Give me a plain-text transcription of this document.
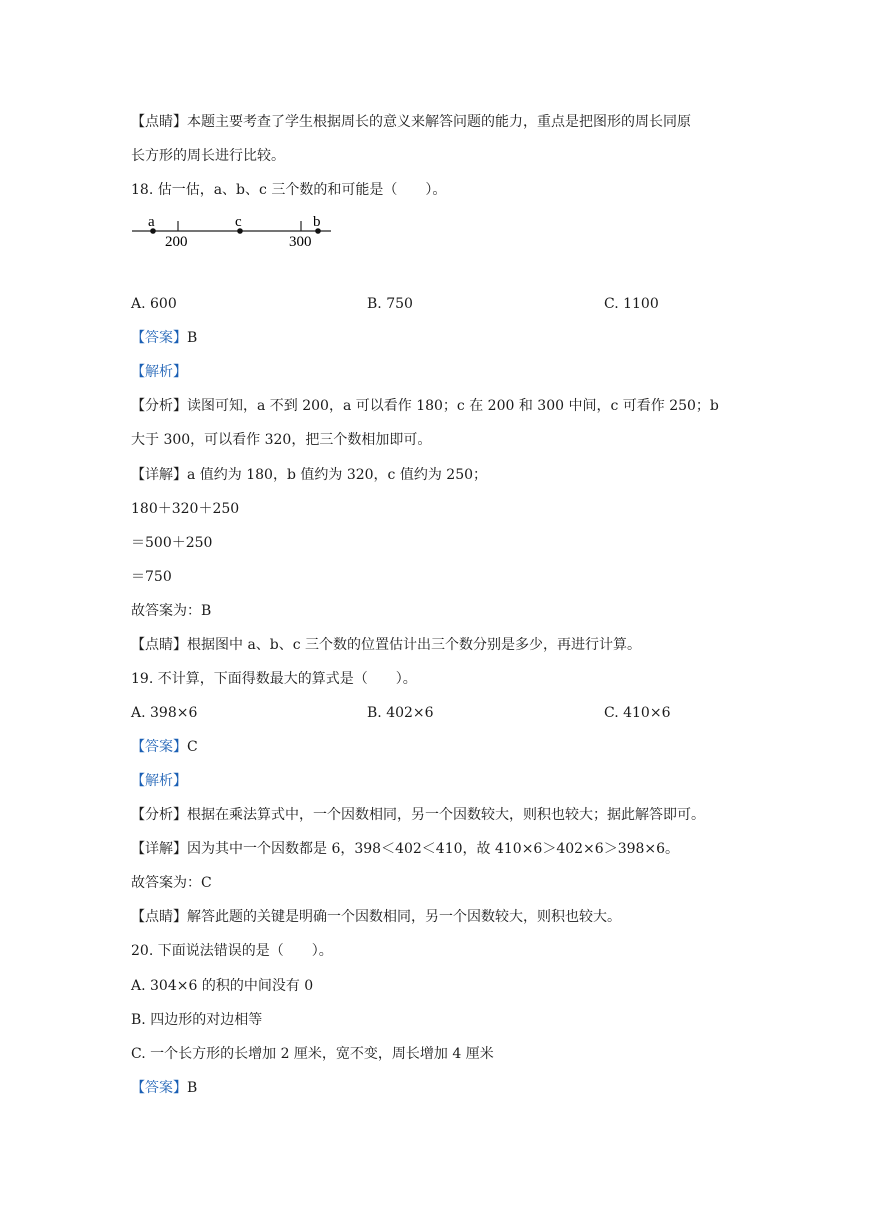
【点睛】本题主要考查了学生根据周长的意义来解答问题的能力，重点是把图形的周长同原
长方形的周长进行比较。
18. 估一估，a、b、c 三个数的和可能是（　　）。
a	c	b
200	300
A. 600	B. 750	C. 1100
【答案】B
【解析】
【分析】读图可知，a 不到 200，a 可以看作 180；c 在 200 和 300 中间，c 可看作 250；b
大于 300，可以看作 320，把三个数相加即可。
【详解】a 值约为 180，b 值约为 320，c 值约为 250；
180＋320＋250
＝500＋250
＝750
故答案为：B
【点睛】根据图中 a、b、c 三个数的位置估计出三个数分别是多少，再进行计算。
19. 不计算，下面得数最大的算式是（　　）。
A. 398×6	B. 402×6	C. 410×6
【答案】C
【解析】
【分析】根据在乘法算式中，一个因数相同，另一个因数较大，则积也较大；据此解答即可。
【详解】因为其中一个因数都是 6，398＜402＜410，故 410×6＞402×6＞398×6。
故答案为：C
【点睛】解答此题的关键是明确一个因数相同，另一个因数较大，则积也较大。
20. 下面说法错误的是（　　）。
A. 304×6 的积的中间没有 0
B. 四边形的对边相等
C. 一个长方形的长增加 2 厘米，宽不变，周长增加 4 厘米
【答案】B
